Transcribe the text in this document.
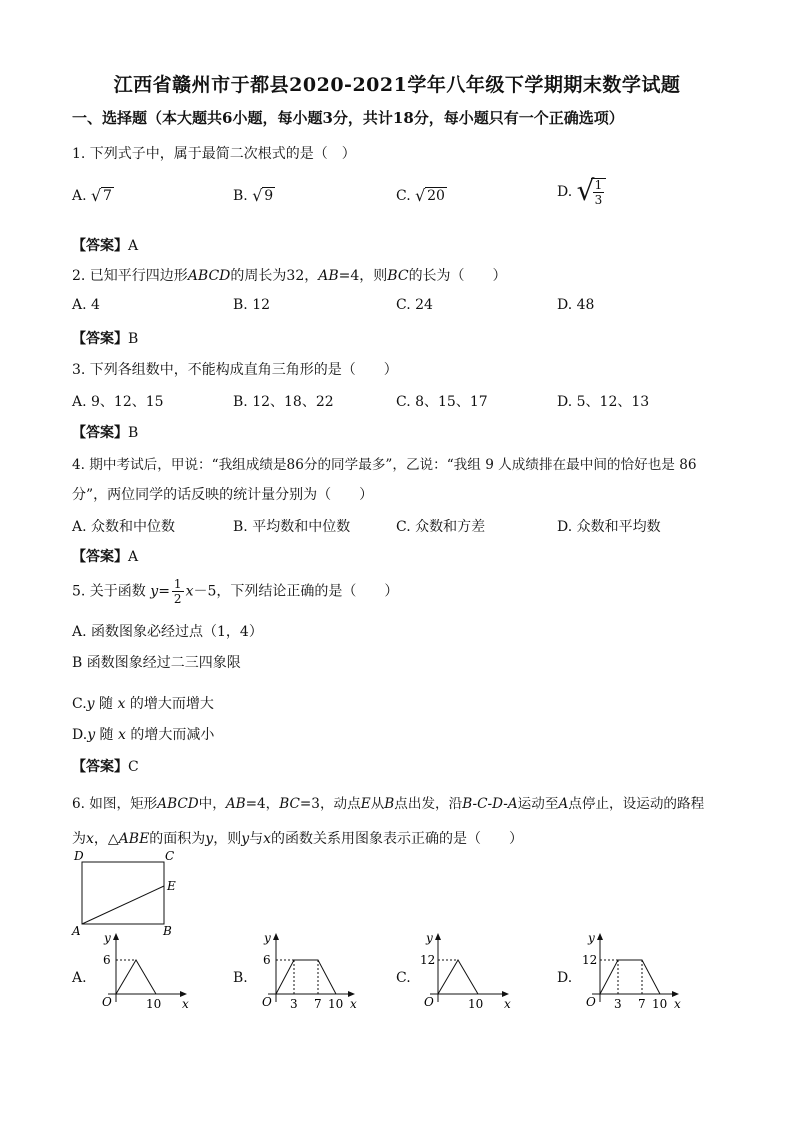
江西省赣州市于都县2020-2021学年八年级下学期期末数学试题
一、选择题（本大题共6小题，每小题3分，共计18分，每小题只有一个正确选项）
1. 下列式子中，属于最简二次根式的是（　）
A. √ 7	B. √ 9	C. √ 20	D. √
$\frac{1}{3}$
【答案】A
2. 已知平行四边形ABCD的周长为32，AB=4，则BC的长为（　　）
A. 4	B. 12	C. 24	D. 48
【答案】B
3. 下列各组数中，不能构成直角三角形的是（　　）
A. 9、12、15	B. 12、18、22	C. 8、15、17	D. 5、12、13
【答案】B
4. 期中考试后，甲说：“我组成绩是86分的同学最多”，乙说：“我组 9 人成绩排在最中间的恰好也是 86
分”，两位同学的话反映的统计量分别为（　　）
A. 众数和中位数	B. 平均数和中位数	C. 众数和方差	D. 众数和平均数
【答案】A
5. 关于函数 $y= \frac{1}{2} x-5$，下列结论正确的是（　　）
A. 函数图象必经过点（1，4）
B 函数图象经过二三四象限
C.y 随 x 的增大而增大
D.y 随 x 的增大而减小
【答案】C
6. 如图，矩形ABCD中，AB=4，BC=3，动点E从B点出发，沿B-C-D-A运动至A点停止，设运动的路程
为x，△ABE的面积为y，则y与x的函数关系用图象表示正确的是（　　）
D	C
E
A	B
A.
6
y
O	10 x
B.
6
y
O 3 7 10 x
C.
12
y
O	10 x
D.
12
y
O 3 7 10 x
